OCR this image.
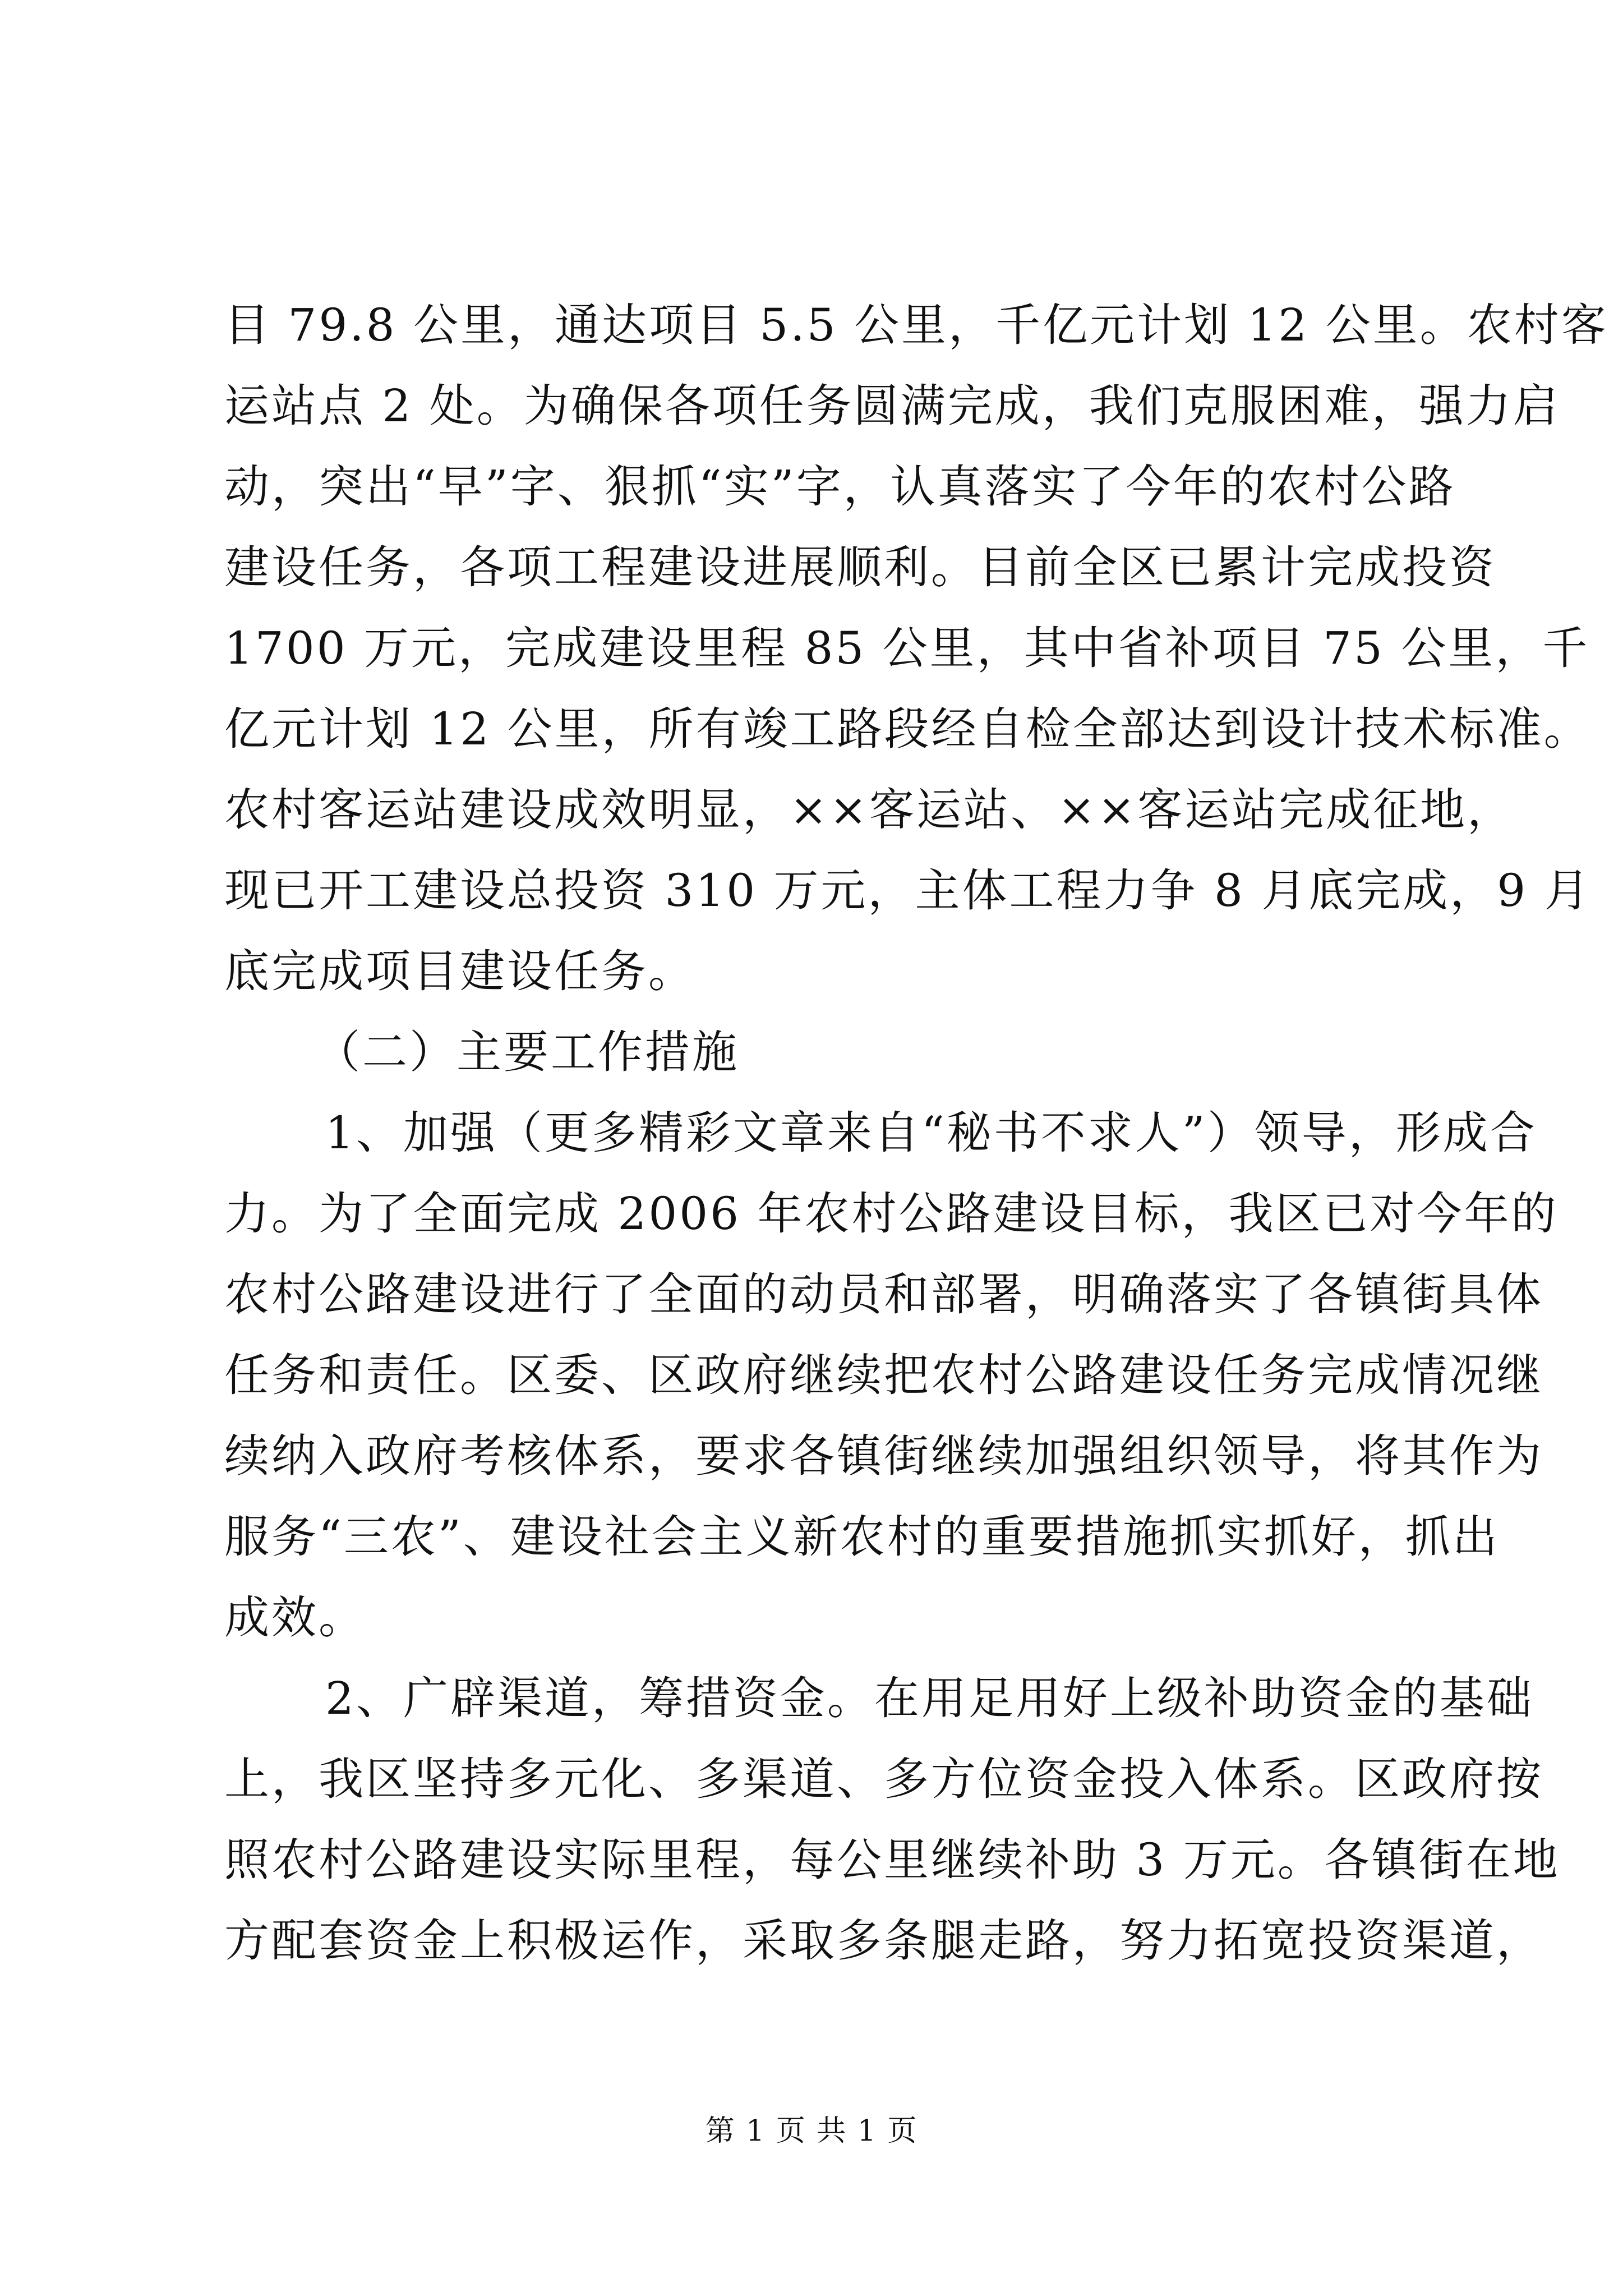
目 79.8 公里，通达项目 5.5 公里，千亿元计划 12 公里。农村客
运站点 2 处。为确保各项任务圆满完成，我们克服困难，强力启
动，突出“早”字、狠抓“实”字，认真落实了今年的农村公路
建设任务，各项工程建设进展顺利。目前全区已累计完成投资
1700 万元，完成建设里程 85 公里，其中省补项目 75 公里，千
亿元计划 12 公里，所有竣工路段经自检全部达到设计技术标准。
农村客运站建设成效明显，××客运站、××客运站完成征地，
现已开工建设总投资 310 万元，主体工程力争 8 月底完成，9 月
底完成项目建设任务。
（二）主要工作措施
1、加强（更多精彩文章来自“秘书不求人”）领导，形成合
力。为了全面完成 2006 年农村公路建设目标，我区已对今年的
农村公路建设进行了全面的动员和部署，明确落实了各镇街具体
任务和责任。区委、区政府继续把农村公路建设任务完成情况继
续纳入政府考核体系，要求各镇街继续加强组织领导，将其作为
服务“三农”、建设社会主义新农村的重要措施抓实抓好，抓出
成效。
2、广辟渠道，筹措资金。在用足用好上级补助资金的基础
上，我区坚持多元化、多渠道、多方位资金投入体系。区政府按
照农村公路建设实际里程，每公里继续补助 3 万元。各镇街在地
方配套资金上积极运作，采取多条腿走路，努力拓宽投资渠道，
第 1 页 共 1 页
